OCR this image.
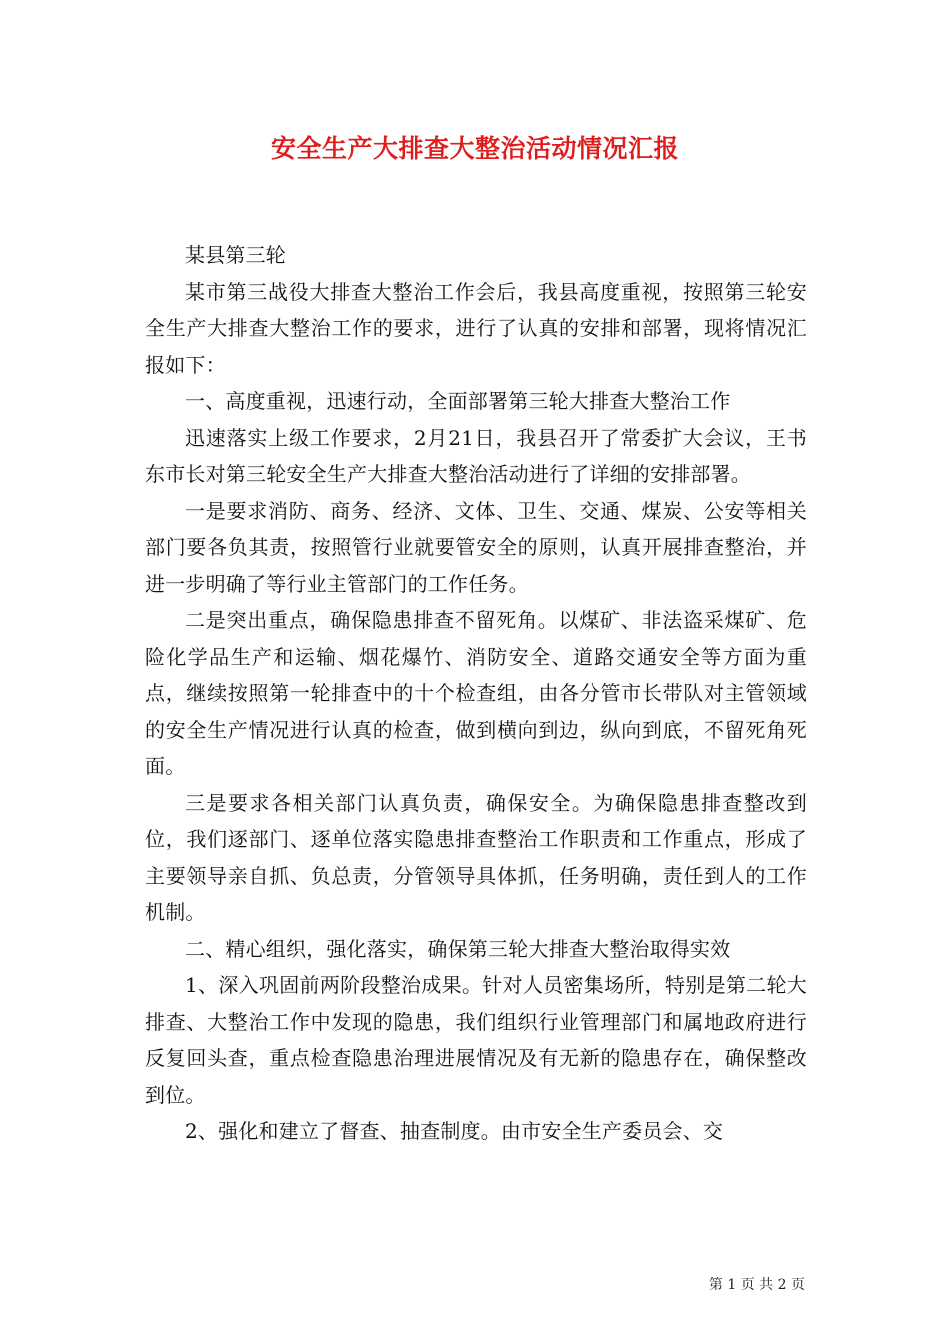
安全生产大排查大整治活动情况汇报

某县第三轮

某市第三战役大排查大整治工作会后，我县高度重视，按照第三轮安全生产大排查大整治工作的要求，进行了认真的安排和部署，现将情况汇报如下：

一、高度重视，迅速行动，全面部署第三轮大排查大整治工作

迅速落实上级工作要求，2月21日，我县召开了常委扩大会议，王书东市长对第三轮安全生产大排查大整治活动进行了详细的安排部署。

一是要求消防、商务、经济、文体、卫生、交通、煤炭、公安等相关部门要各负其责，按照管行业就要管安全的原则，认真开展排查整治，并进一步明确了等行业主管部门的工作任务。

二是突出重点，确保隐患排查不留死角。以煤矿、非法盗采煤矿、危险化学品生产和运输、烟花爆竹、消防安全、道路交通安全等方面为重点，继续按照第一轮排查中的十个检查组，由各分管市长带队对主管领域的安全生产情况进行认真的检查，做到横向到边，纵向到底，不留死角死面。

三是要求各相关部门认真负责，确保安全。为确保隐患排查整改到位，我们逐部门、逐单位落实隐患排查整治工作职责和工作重点，形成了主要领导亲自抓、负总责，分管领导具体抓，任务明确，责任到人的工作机制。

二、精心组织，强化落实，确保第三轮大排查大整治取得实效

1、深入巩固前两阶段整治成果。针对人员密集场所，特别是第二轮大排查、大整治工作中发现的隐患，我们组织行业管理部门和属地政府进行反复回头查，重点检查隐患治理进展情况及有无新的隐患存在，确保整改到位。

2、强化和建立了督查、抽查制度。由市安全生产委员会、交

第 1 页 共 2 页
